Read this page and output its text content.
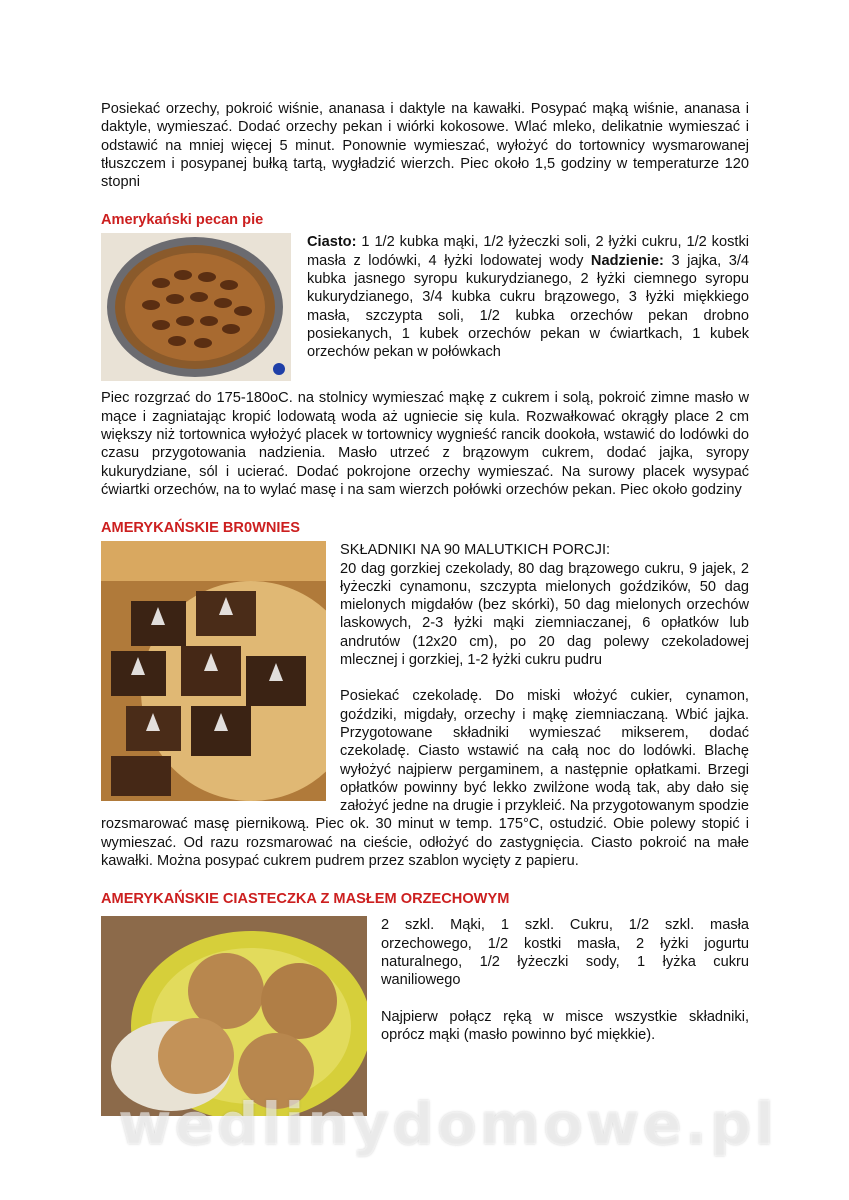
Posiekać orzechy, pokroić wiśnie, ananasa i daktyle na kawałki. Posypać mąką wiśnie, ananasa i daktyle, wymieszać. Dodać orzechy pekan i wiórki kokosowe. Wlać mleko, delikatnie wymieszać i odstawić na mniej więcej 5 minut. Ponownie wymieszać, wyłożyć do tortownicy wysmarowanej tłuszczem i posypanej bułką tartą, wygładzić wierzch. Piec około 1,5 godziny w temperaturze 120 stopni

Amerykański pecan pie

Ciasto: 1 1/2 kubka mąki, 1/2 łyżeczki soli, 2 łyżki cukru, 1/2 kostki masła z lodówki, 4 łyżki lodowatej wody Nadzienie: 3 jajka, 3/4 kubka jasnego syropu kukurydzianego, 2 łyżki ciemnego syropu kukurydzianego, 3/4 kubka cukru brązowego, 3 łyżki miękkiego masła, szczypta soli, 1/2 kubka orzechów pekan drobno posiekanych, 1 kubek orzechów pekan w ćwiartkach, 1 kubek orzechów pekan w połówkach

Piec rozgrzać do 175-180oC. na stolnicy wymieszać mąkę z cukrem i solą, pokroić zimne masło w mące i zagniatając kropić lodowatą woda aż ugniecie się kula. Rozwałkować okrągły place 2 cm większy niż tortownica wyłożyć placek w tortownicy wygnieść rancik dookoła, wstawić do lodówki do czasu przygotowania nadzienia. Masło utrzeć z brązowym cukrem, dodać jajka, syropy kukurydziane, sól i ucierać. Dodać pokrojone orzechy wymieszać. Na surowy placek wysypać ćwiartki orzechów, na to wylać masę i na sam wierzch połówki orzechów pekan. Piec około godziny

AMERYKAŃSKIE BR0WNIES

SKŁADNIKI NA 90 MALUTKICH PORCJI:

20 dag gorzkiej czekolady, 80 dag brązowego cukru, 9 jajek, 2 łyżeczki cynamonu, szczypta mielonych goździków, 50 dag mielonych migdałów (bez skórki), 50 dag mielonych orzechów laskowych, 2-3 łyżki mąki ziemniaczanej, 6 opłatków lub andrutów (12x20 cm), po 20 dag polewy czekoladowej mlecznej i gorzkiej, 1-2 łyżki cukru pudru

Posiekać czekoladę. Do miski włożyć cukier, cynamon, goździki, migdały, orzechy i mąkę ziemniaczaną. Wbić jajka. Przygotowane składniki wymieszać mikserem, dodać czekoladę. Ciasto wstawić na całą noc do lodówki. Blachę wyłożyć najpierw pergaminem, a następnie opłatkami. Brzegi opłatków powinny być lekko zwilżone wodą tak, aby dało się założyć jedne na drugie i przykleić. Na przygotowanym spodzie rozsmarować masę piernikową. Piec ok. 30 minut w temp. 175°C, ostudzić. Obie polewy stopić i wymieszać. Od razu rozsmarować na cieście, odłożyć do zastygnięcia. Ciasto pokroić na małe kawałki. Można posypać cukrem pudrem przez szablon wycięty z papieru.

AMERYKAŃSKIE CIASTECZKA Z MASŁEM ORZECHOWYM

2 szkl. Mąki, 1 szkl. Cukru, 1/2 szkl. masła orzechowego, 1/2 kostki masła, 2 łyżki jogurtu naturalnego, 1/2 łyżeczki sody, 1 łyżka cukru waniliowego

Najpierw połącz ręką w misce wszystkie składniki, oprócz mąki (masło powinno być miękkie).

wedlinydomowe.pl
